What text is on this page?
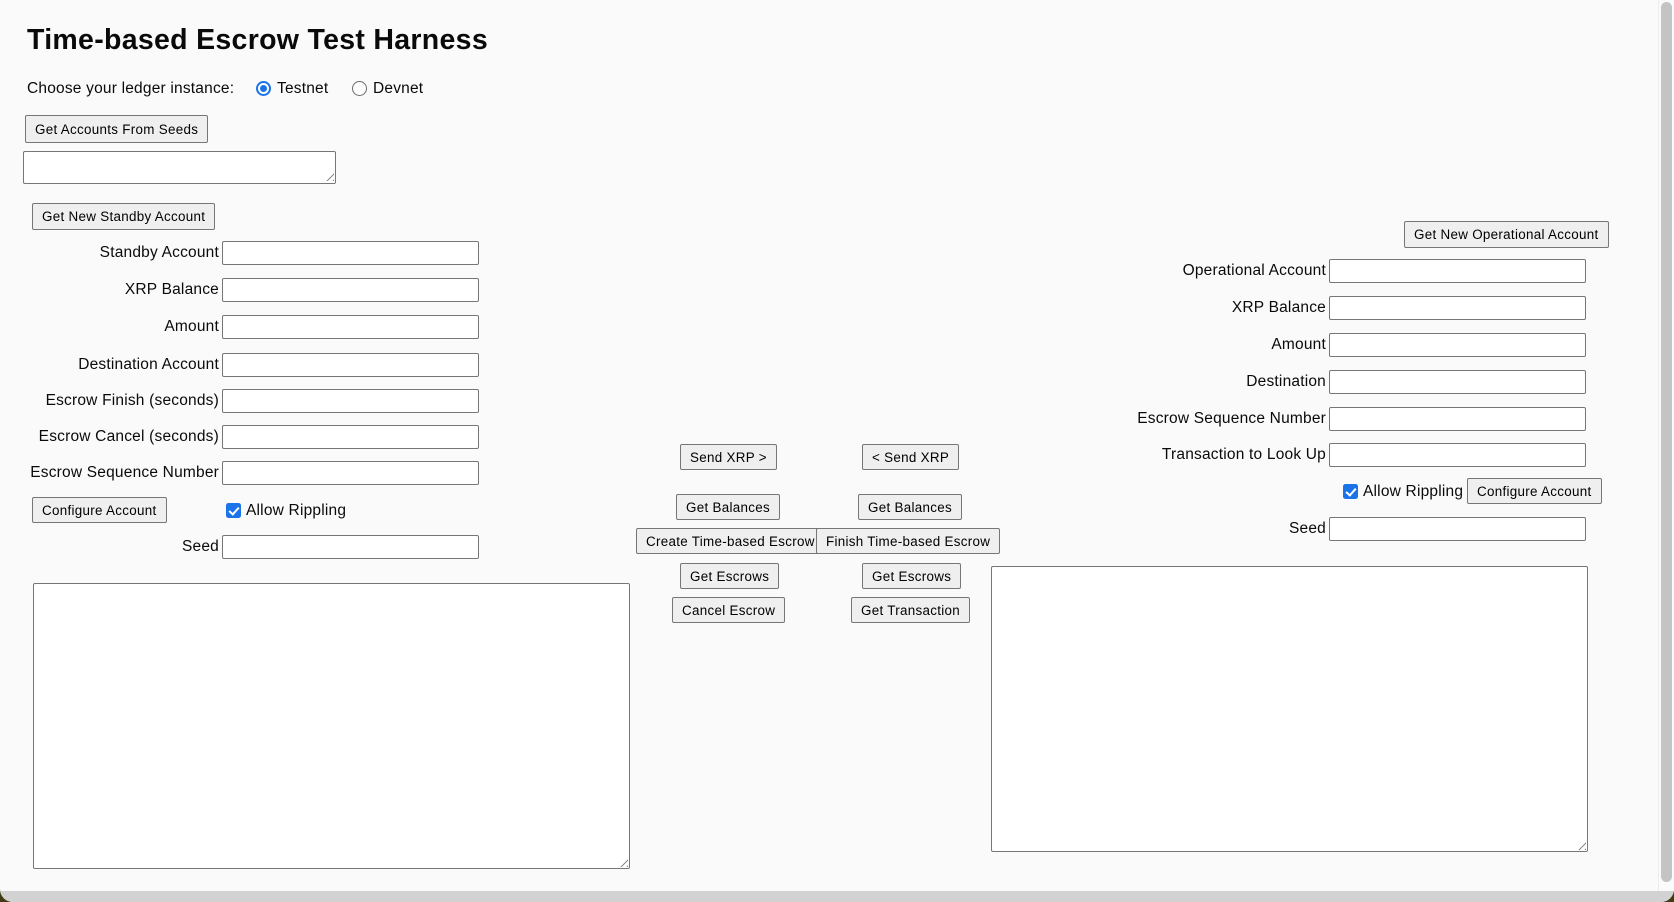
Time-based Escrow Test Harness
Choose your ledger instance:	Testnet	Devnet
Get Accounts From Seeds
Get New Standby Account
Standby Account
XRP Balance
Amount
Destination Account
Escrow Finish (seconds)
Escrow Cancel (seconds)
Escrow Sequence Number
Configure Account	Allow Rippling
Seed
Send XRP >
Get Balances
Create Time-based Escrow
Get Escrows
Cancel Escrow
< Send XRP
Get Balances
Finish Time-based Escrow
Get Escrows
Get Transaction
Get New Operational Account
Operational Account
XRP Balance
Amount
Destination
Escrow Sequence Number
Transaction to Look Up
Allow Rippling	Configure Account
Seed
